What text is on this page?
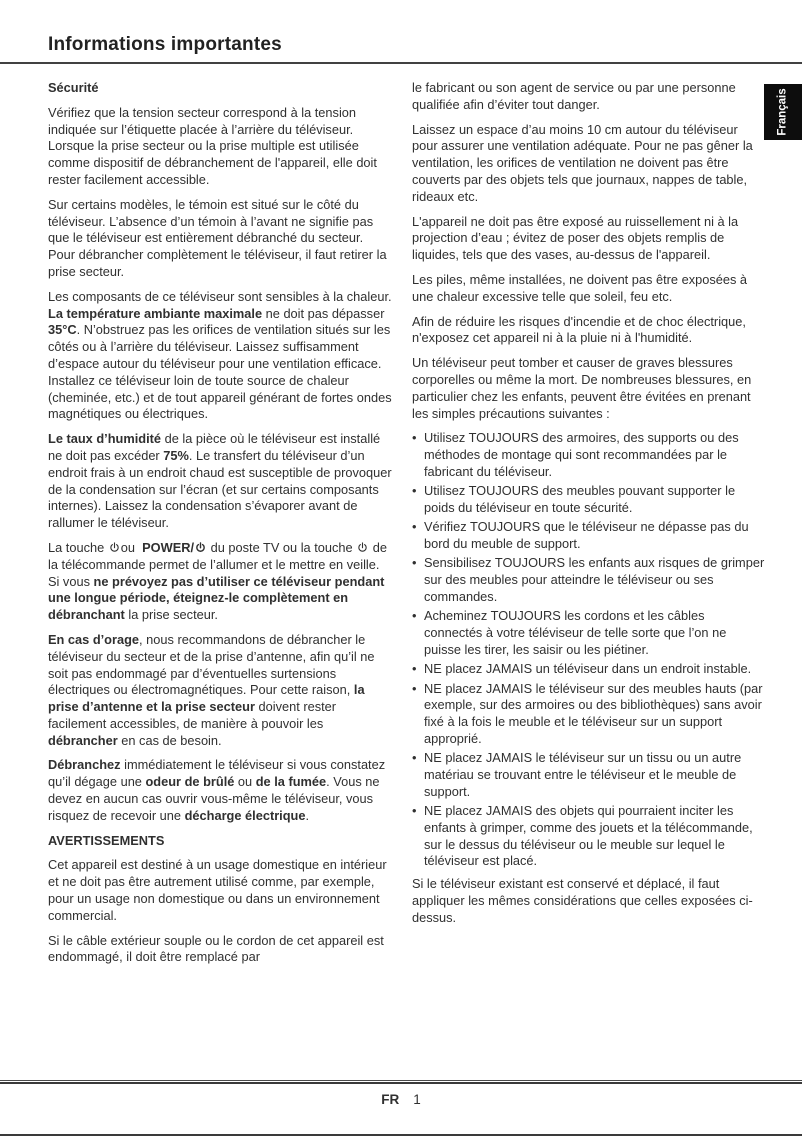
Informations importantes
Sécurité

Vérifiez que la tension secteur correspond à la tension indiquée sur l’étiquette placée à l’arrière du téléviseur. Lorsque la prise secteur ou la prise multiple est utilisée comme dispositif de débranchement de l'appareil, elle doit rester facilement accessible.

Sur certains modèles, le témoin est situé sur le côté du téléviseur. L’absence d’un témoin à l’avant ne signifie pas que le téléviseur est entièrement débranché du secteur. Pour débrancher complètement le téléviseur, il faut retirer la prise secteur.

Les composants de ce téléviseur sont sensibles à la chaleur. La température ambiante maximale ne doit pas dépasser 35°C. N’obstruez pas les orifices de ventilation situés sur les côtés ou à l’arrière du téléviseur. Laissez suffisamment d’espace autour du téléviseur pour une ventilation efficace. Installez ce téléviseur loin de toute source de chaleur (cheminée, etc.) et de tout appareil générant de fortes ondes magnétiques ou électriques.

Le taux d’humidité de la pièce où le téléviseur est installé ne doit pas excéder 75%. Le transfert du téléviseur d’un endroit frais à un endroit chaud est susceptible de provoquer de la condensation sur l’écran (et sur certains composants internes). Laissez la condensation s’évaporer avant de rallumer le téléviseur.

La touche
ou  POWER/
du poste TV ou la touche
de la télécommande permet de l’allumer et le mettre en veille. Si vous ne prévoyez pas d’utiliser ce téléviseur pendant une longue période, éteignez-le complètement en débranchant la prise secteur.

En cas d’orage, nous recommandons de débrancher le téléviseur du secteur et de la prise d’antenne, afin qu’il ne soit pas endommagé par d’éventuelles surtensions électriques ou électromagnétiques. Pour cette raison, la prise d’antenne et la prise secteur doivent rester facilement accessibles, de manière à pouvoir les débrancher en cas de besoin.

Débranchez immédiatement le téléviseur si vous constatez qu’il dégage une odeur de brûlé ou de la fumée. Vous ne devez en aucun cas ouvrir vous-même le téléviseur, vous risquez de recevoir une décharge électrique.

AVERTISSEMENTS

Cet appareil est destiné à un usage domestique en intérieur et ne doit pas être autrement utilisé comme, par exemple, pour un usage non domestique ou dans un environnement commercial.

Si le câble extérieur souple ou le cordon de cet appareil est endommagé, il doit être remplacé par

le fabricant ou son agent de service ou par une personne qualifiée afin d’éviter tout danger.

Laissez un espace d’au moins 10 cm autour du téléviseur pour assurer une ventilation adéquate. Pour ne pas gêner la ventilation, les orifices de ventilation ne doivent pas être couverts par des objets tels que journaux, nappes de table, rideaux etc.

L'appareil ne doit pas être exposé au ruissellement ni à la projection d’eau ; évitez de poser des objets remplis de liquides, tels que des vases, au-dessus de l'appareil.

Les piles, même installées, ne doivent pas être exposées à une chaleur excessive telle que soleil, feu etc.

Afin de réduire les risques d'incendie et de choc électrique, n'exposez cet appareil ni à la pluie ni à l'humidité.

Un téléviseur peut tomber et causer de graves blessures corporelles ou même la mort. De nombreuses blessures, en particulier chez les enfants, peuvent être évitées en prenant les simples précautions suivantes :

• Utilisez TOUJOURS des armoires, des supports ou des méthodes de montage qui sont recommandées par le fabricant du téléviseur.
• Utilisez TOUJOURS des meubles pouvant supporter le poids du téléviseur en toute sécurité.
• Vérifiez TOUJOURS que le téléviseur ne dépasse pas du bord du meuble de support.
• Sensibilisez TOUJOURS les enfants aux risques de grimper sur des meubles pour atteindre le téléviseur ou ses commandes.
• Acheminez TOUJOURS les cordons et les câbles connectés à votre téléviseur de telle sorte que l’on ne puisse les tirer, les saisir ou les piétiner.
• NE placez JAMAIS un téléviseur dans un endroit instable.
• NE placez JAMAIS le téléviseur sur des meubles hauts (par exemple, sur des armoires ou des bibliothèques) sans avoir fixé à la fois le meuble et le téléviseur sur un support approprié.
• NE placez JAMAIS le téléviseur sur un tissu ou un autre matériau se trouvant entre le téléviseur et le meuble de support.
• NE placez JAMAIS des objets qui pourraient inciter les enfants à grimper, comme des jouets et la télécommande, sur le dessus du téléviseur ou le meuble sur lequel le téléviseur est placé.

Si le téléviseur existant est conservé et déplacé, il faut appliquer les mêmes considérations que celles exposées ci-dessus.

Français
FR 1
